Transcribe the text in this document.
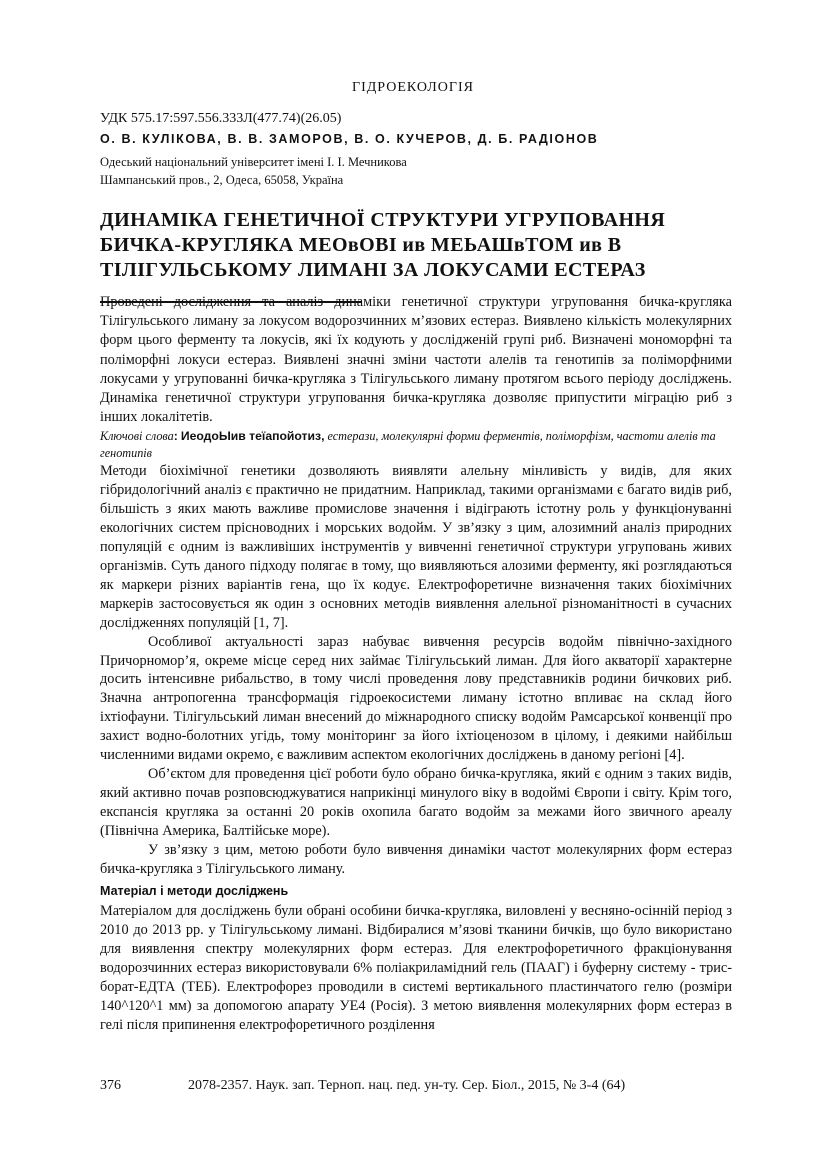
ГІДРОЕКОЛОГІЯ
УДК 575.17:597.556.333Л(477.74)(26.05)
О. В. КУЛІКОВА, В. В. ЗАМОРОВ, В. О. КУЧЕРОВ, Д. Б. РАДІОНОВ
Одеський національний університет імені І. І. Мечникова
Шампанський пров., 2, Одеса, 65058, Україна
ДИНАМІКА ГЕНЕТИЧНОЇ СТРУКТУРИ УГРУПОВАННЯ БИЧКА-КРУГЛЯКА МЕОвОВІ ив МЕЬАШвТОМ ив В ТІЛІГУЛЬСЬКОМУ ЛИМАНІ ЗА ЛОКУСАМИ ЕСТЕРАЗ
Проведені дослідження та аналіз динаміки генетичної структури угруповання бичка-кругляка Тілігульського лиману за локусом водорозчинних м’язових естераз. Виявлено кількість молекулярних форм цього ферменту та локусів, які їх кодують у дослідженій групі риб. Визначені мономорфні та поліморфні локуси естераз. Виявлені значні зміни частоти алелів та генотипів за поліморфними локусами у угрупованні бичка-кругляка з Тілігульського лиману протягом всього періоду досліджень. Динаміка генетичної структури угруповання бичка-кругляка дозволяє припустити міграцію риб з інших локалітетів.
Ключові слова: ИеодоЫив теїапойотиз, естерази, молекулярні форми ферментів, поліморфізм, частоти алелів та генотипів

Методи біохімічної генетики дозволяють виявляти алельну мінливість у видів, для яких гібридологічний аналіз є практично не придатним. Наприклад, такими організмами є багато видів риб, більшість з яких мають важливе промислове значення і відіграють істотну роль у функціонуванні екологічних систем прісноводних і морських водойм. У зв’язку з цим, алозимний аналіз природних популяцій є одним із важливіших інструментів у вивченні генетичної структури угруповань живих організмів. Суть даного підходу полягає в тому, що виявляються алозими ферменту, які розглядаються як маркери різних варіантів гена, що їх кодує. Електрофоретичне визначення таких біохімічних маркерів застосовується як один з основних методів виявлення алельної різноманітності в сучасних дослідженнях популяцій [1, 7].

Особливої актуальності зараз набуває вивчення ресурсів водойм північно-західного Причорномор’я, окреме місце серед них займає Тілігульський лиман. Для його акваторії характерне досить інтенсивне рибальство, в тому числі проведення лову представників родини бичкових риб. Значна антропогенна трансформація гідроекосистеми лиману істотно впливає на склад його іхтіофауни. Тілігульський лиман внесений до міжнародного списку водойм Рамсарської конвенції про захист водно-болотних угідь, тому моніторинг за його іхтіоценозом в цілому, і деякими найбільш численними видами окремо, є важливим аспектом екологічних досліджень в даному регіоні [4].

Об’єктом для проведення цієї роботи було обрано бичка-кругляка, який є одним з таких видів, який активно почав розповсюджуватися наприкінці минулого віку в водоймі Європи і світу. Крім того, експансія кругляка за останні 20 років охопила багато водойм за межами його звичного ареалу (Північна Америка, Балтійське море).

У зв’язку з цим, метою роботи було вивчення динаміки частот молекулярних форм естераз бичка-кругляка з Тілігульського лиману.

Матеріал і методи досліджень

Матеріалом для досліджень були обрані особини бичка-кругляка, виловлені у весняно-осінній період з 2010 до 2013 рр. у Тілігульському лимані. Відбиралися м’язові тканини бичків, що було використано для виявлення спектру молекулярних форм естераз. Для електрофоретичного фракціонування водорозчинних естераз використовували 6% поліакриламідний гель (ПААГ) і буферну систему - трис-борат-ЕДТА (ТЕБ). Електрофорез проводили в системі вертикального пластинчатого гелю (розміри 140^120^1 мм) за допомогою апарату УЕ4 (Росія). З метою виявлення молекулярних форм естераз в гелі після припинення електрофоретичного розділення

376	2078-2357. Наук. зап. Терноп. нац. пед. ун-ту. Сер. Біол., 2015, № 3-4 (64)
